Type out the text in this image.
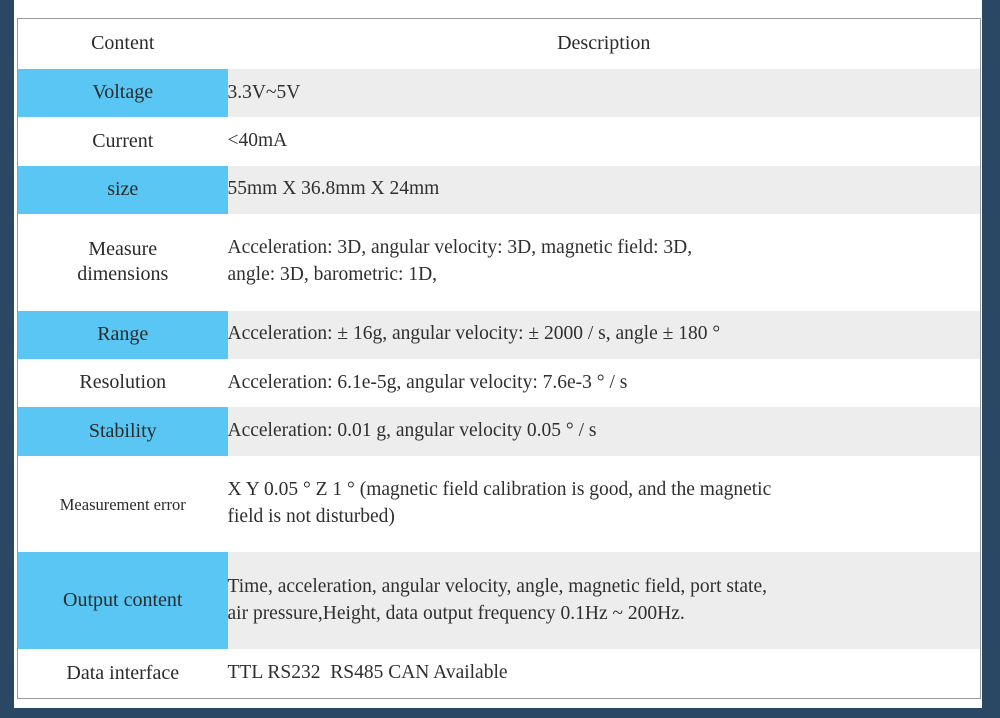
Content	Description
Voltage	3.3V~5V

Current	<40mA

size	55mm X 36.8mm X 24mm

Measure
dimensions	Acceleration: 3D, angular velocity: 3D, magnetic field: 3D,
angle: 3D, barometric: 1D,

Range	Acceleration: ± 16g, angular velocity: ± 2000 / s, angle ± 180 °

Resolution	Acceleration: 6.1e-5g, angular velocity: 7.6e-3 ° / s

Stability	Acceleration: 0.01 g, angular velocity 0.05 ° / s

Measurement error	X Y 0.05 ° Z 1 ° (magnetic field calibration is good, and the magnetic
field is not disturbed)

Output content	Time, acceleration, angular velocity, angle, magnetic field, port state,
air pressure,Height, data output frequency 0.1Hz ~ 200Hz.

Data interface	TTL RS232  RS485 CAN Available
